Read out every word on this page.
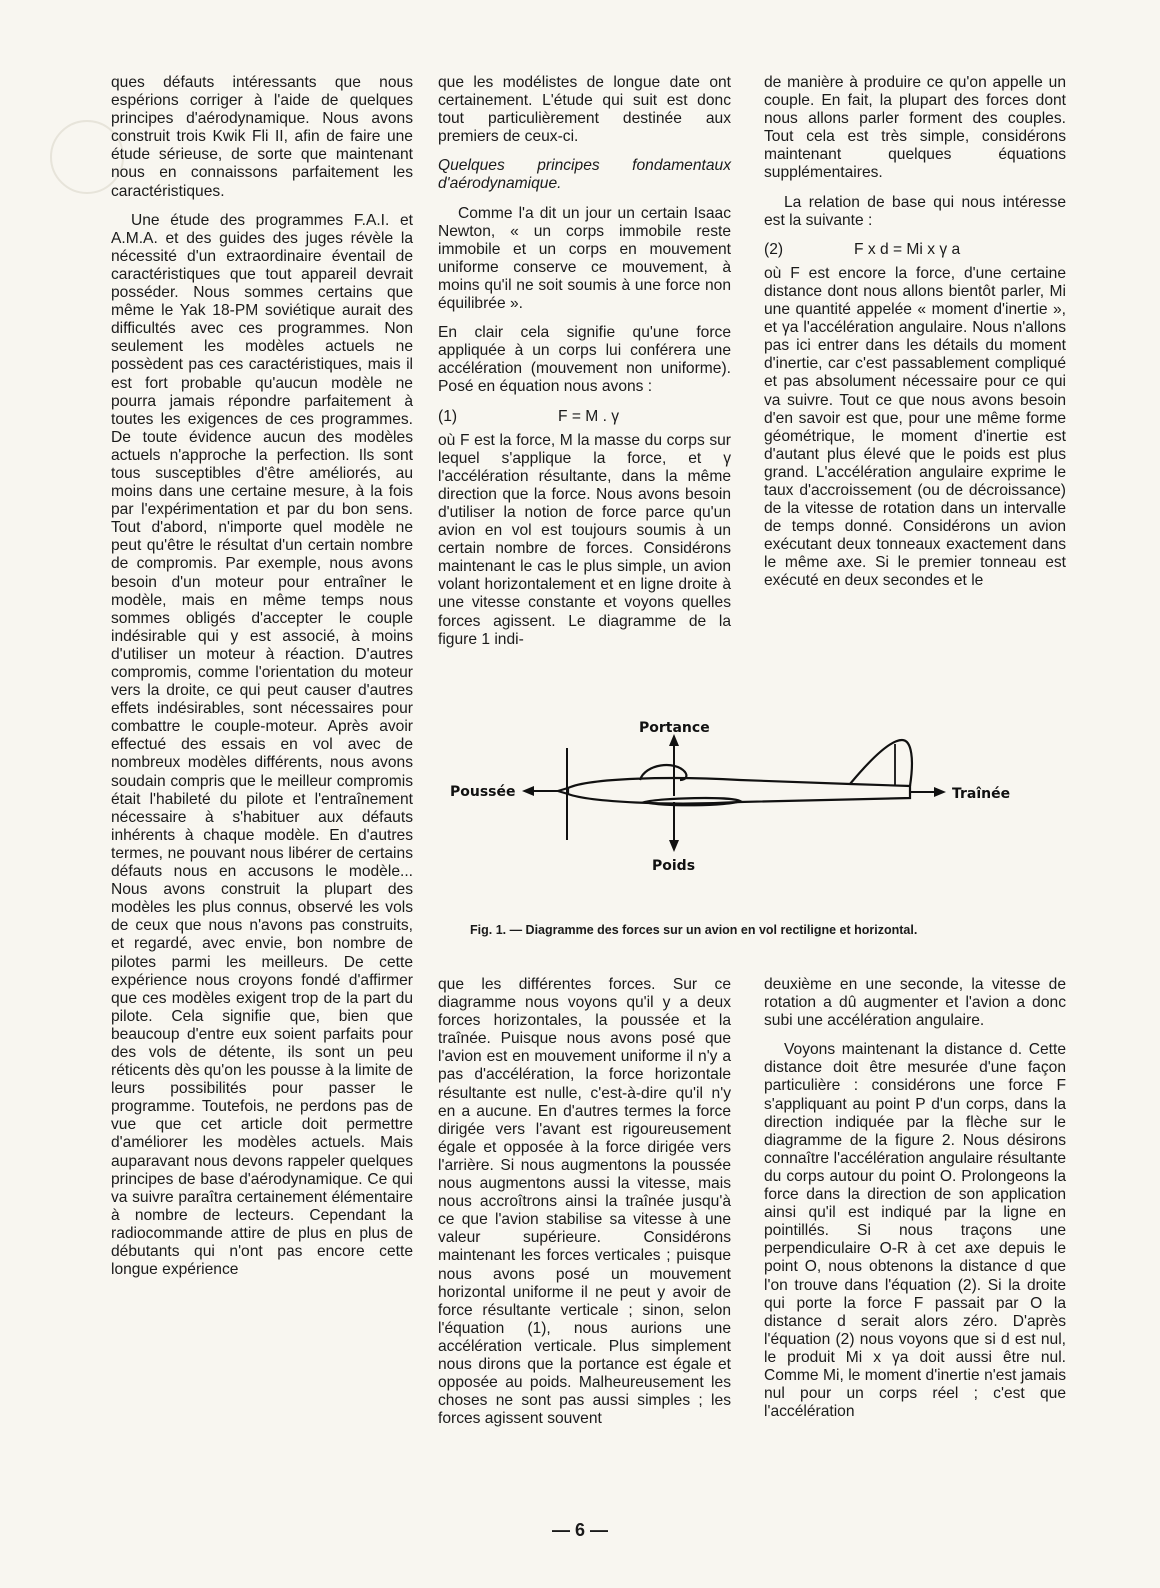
ques défauts intéressants que nous espérions corriger à l'aide de quelques principes d'aérodynamique. Nous avons construit trois Kwik Fli II, afin de faire une étude sérieuse, de sorte que maintenant nous en connaissons parfaitement les caractéristiques.

Une étude des programmes F.A.I. et A.M.A. et des guides des juges révèle la nécessité d'un extraordinaire éventail de caractéristiques que tout appareil devrait posséder. Nous sommes certains que même le Yak 18-PM soviétique aurait des difficultés avec ces programmes. Non seulement les modèles actuels ne possèdent pas ces caractéristiques, mais il est fort probable qu'aucun modèle ne pourra jamais répondre parfaitement à toutes les exigences de ces programmes. De toute évidence aucun des modèles actuels n'approche la perfection. Ils sont tous susceptibles d'être améliorés, au moins dans une certaine mesure, à la fois par l'expérimentation et par du bon sens. Tout d'abord, n'importe quel modèle ne peut qu'être le résultat d'un certain nombre de compromis. Par exemple, nous avons besoin d'un moteur pour entraîner le modèle, mais en même temps nous sommes obligés d'accepter le couple indésirable qui y est associé, à moins d'utiliser un moteur à réaction. D'autres compromis, comme l'orientation du moteur vers la droite, ce qui peut causer d'autres effets indésirables, sont nécessaires pour combattre le couple-moteur. Après avoir effectué des essais en vol avec de nombreux modèles différents, nous avons soudain compris que le meilleur compromis était l'habileté du pilote et l'entraînement nécessaire à s'habituer aux défauts inhérents à chaque modèle. En d'autres termes, ne pouvant nous libérer de certains défauts nous en accusons le modèle... Nous avons construit la plupart des modèles les plus connus, observé les vols de ceux que nous n'avons pas construits, et regardé, avec envie, bon nombre de pilotes parmi les meilleurs. De cette expérience nous croyons fondé d'affirmer que ces modèles exigent trop de la part du pilote. Cela signifie que, bien que beaucoup d'entre eux soient parfaits pour des vols de détente, ils sont un peu réticents dès qu'on les pousse à la limite de leurs possibilités pour passer le programme. Toutefois, ne perdons pas de vue que cet article doit permettre d'améliorer les modèles actuels. Mais auparavant nous devons rappeler quelques principes de base d'aérodynamique. Ce qui va suivre paraîtra certainement élémentaire à nombre de lecteurs. Cependant la radiocommande attire de plus en plus de débutants qui n'ont pas encore cette longue expérience

que les modélistes de longue date ont certainement. L'étude qui suit est donc tout particulièrement destinée aux premiers de ceux-ci.

Quelques principes fondamentaux d'aérodynamique.

Comme l'a dit un jour un certain Isaac Newton, « un corps immobile reste immobile et un corps en mouvement uniforme conserve ce mouvement, à moins qu'il ne soit soumis à une force non équilibrée ».

En clair cela signifie qu'une force appliquée à un corps lui conférera une accélération (mouvement non uniforme). Posé en équation nous avons :

(1)	F = M . γ

où F est la force, M la masse du corps sur lequel s'applique la force, et γ l'accélération résultante, dans la même direction que la force. Nous avons besoin d'utiliser la notion de force parce qu'un avion en vol est toujours soumis à un certain nombre de forces. Considérons maintenant le cas le plus simple, un avion volant horizontalement et en ligne droite à une vitesse constante et voyons quelles forces agissent. Le diagramme de la figure 1 indi-

de manière à produire ce qu'on appelle un couple. En fait, la plupart des forces dont nous allons parler forment des couples. Tout cela est très simple, considérons maintenant quelques équations supplémentaires.

La relation de base qui nous intéresse est la suivante :

(2)	F x d = Mi x γ a

où F est encore la force, d'une certaine distance dont nous allons bientôt parler, Mi une quantité appelée « moment d'inertie », et γa l'accélération angulaire. Nous n'allons pas ici entrer dans les détails du moment d'inertie, car c'est passablement compliqué et pas absolument nécessaire pour ce qui va suivre. Tout ce que nous avons besoin d'en savoir est que, pour une même forme géométrique, le moment d'inertie est d'autant plus élevé que le poids est plus grand. L'accélération angulaire exprime le taux d'accroissement (ou de décroissance) de la vitesse de rotation dans un intervalle de temps donné. Considérons un avion exécutant deux tonneaux exactement dans le même axe. Si le premier tonneau est exécuté en deux secondes et le

Portance
Poussée	Traînée
Poids
Fig. 1. — Diagramme des forces sur un avion en vol rectiligne et horizontal.

que les différentes forces. Sur ce diagramme nous voyons qu'il y a deux forces horizontales, la poussée et la traînée. Puisque nous avons posé que l'avion est en mouvement uniforme il n'y a pas d'accélération, la force horizontale résultante est nulle, c'est-à-dire qu'il n'y en a aucune. En d'autres termes la force dirigée vers l'avant est rigoureusement égale et opposée à la force dirigée vers l'arrière. Si nous augmentons la poussée nous augmentons aussi la vitesse, mais nous accroîtrons ainsi la traînée jusqu'à ce que l'avion stabilise sa vitesse à une valeur supérieure. Considérons maintenant les forces verticales ; puisque nous avons posé un mouvement horizontal uniforme il ne peut y avoir de force résultante verticale ; sinon, selon l'équation (1), nous aurions une accélération verticale. Plus simplement nous dirons que la portance est égale et opposée au poids. Malheureusement les choses ne sont pas aussi simples ; les forces agissent souvent

deuxième en une seconde, la vitesse de rotation a dû augmenter et l'avion a donc subi une accélération angulaire.

Voyons maintenant la distance d. Cette distance doit être mesurée d'une façon particulière : considérons une force F s'appliquant au point P d'un corps, dans la direction indiquée par la flèche sur le diagramme de la figure 2. Nous désirons connaître l'accélération angulaire résultante du corps autour du point O. Prolongeons la force dans la direction de son application ainsi qu'il est indiqué par la ligne en pointillés. Si nous traçons une perpendiculaire O-R à cet axe depuis le point O, nous obtenons la distance d que l'on trouve dans l'équation (2). Si la droite qui porte la force F passait par O la distance d serait alors zéro. D'après l'équation (2) nous voyons que si d est nul, le produit Mi x γa doit aussi être nul. Comme Mi, le moment d'inertie n'est jamais nul pour un corps réel ; c'est que l'accélération

— 6 —
